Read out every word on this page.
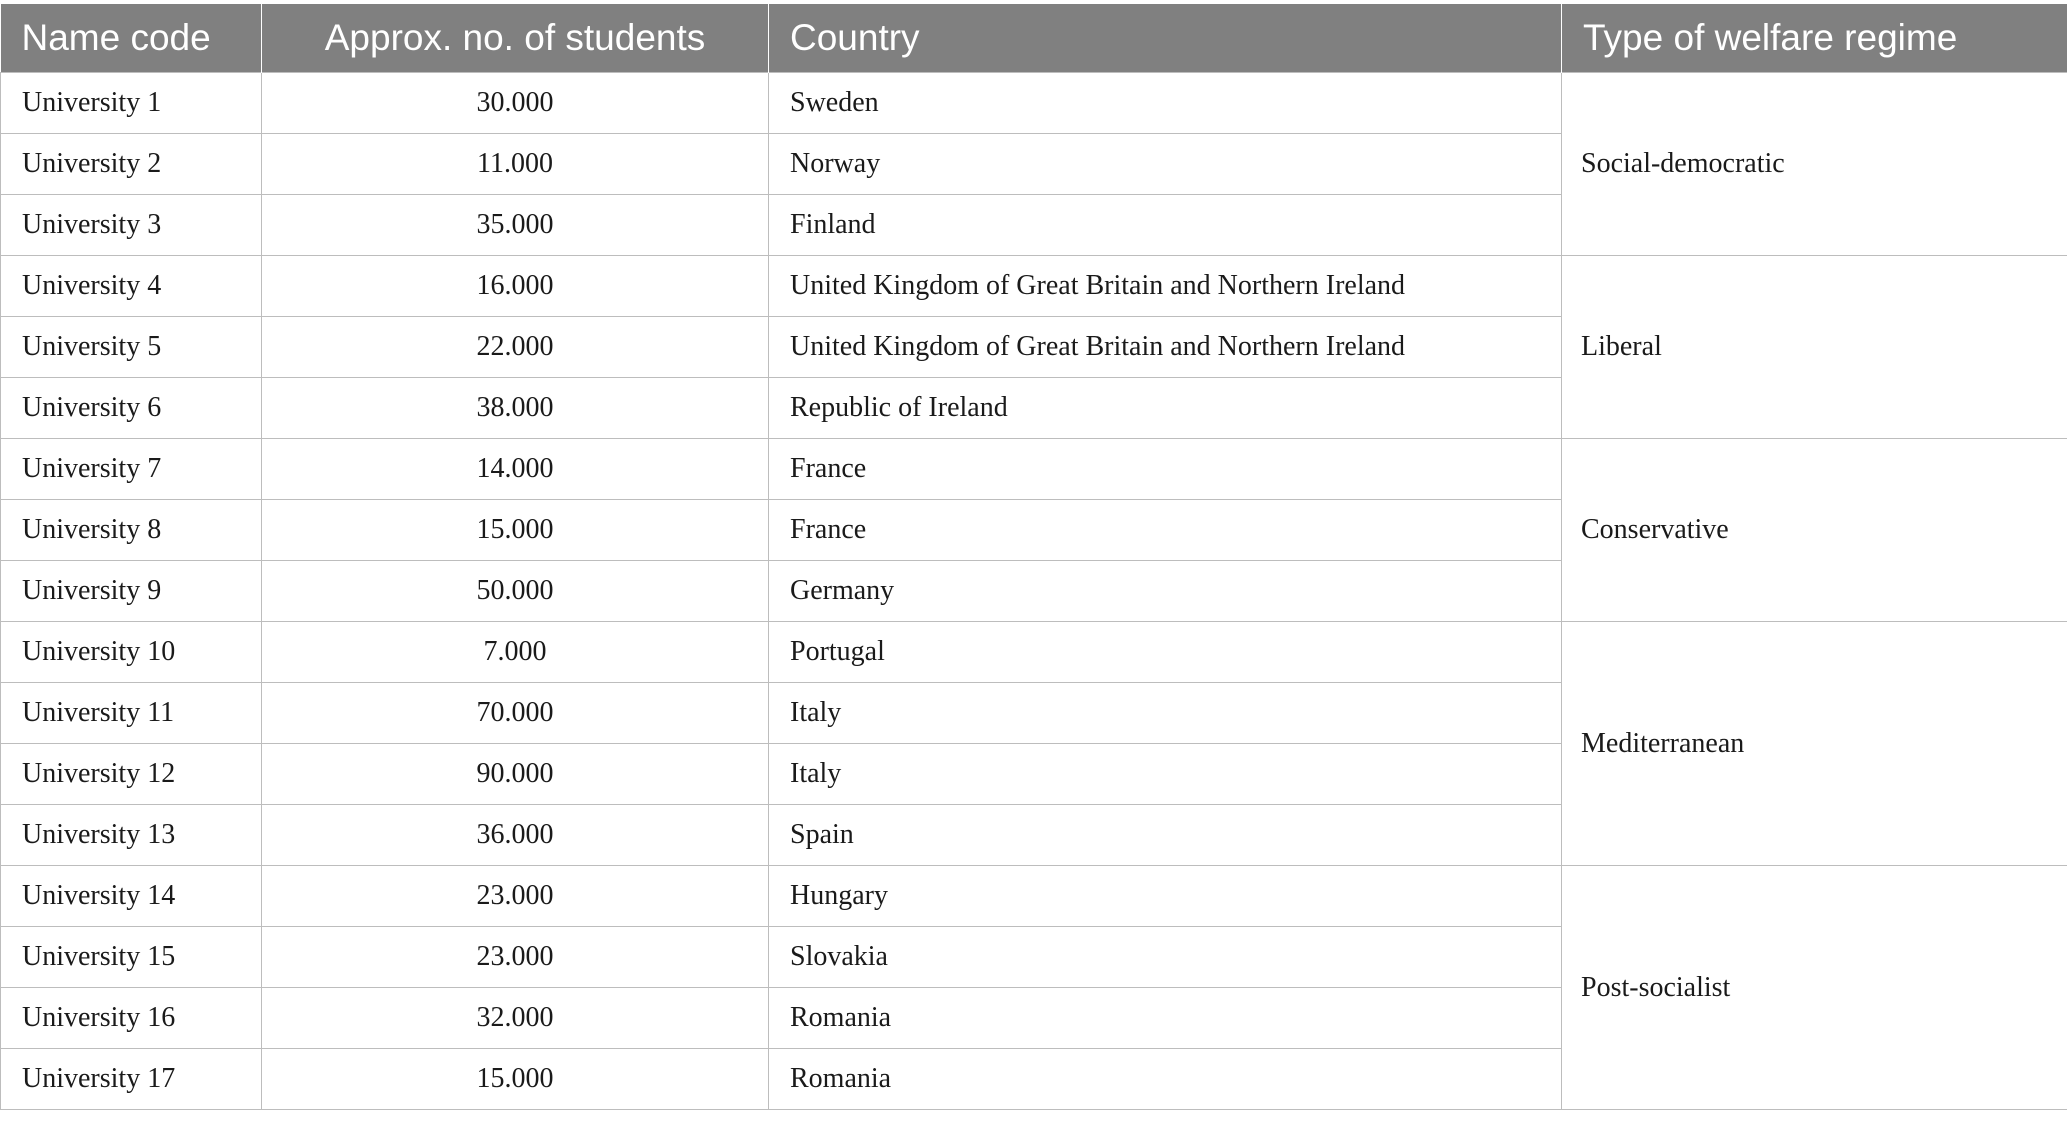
Name code	Approx. no. of students	Country	Type of welfare regime
University 1	30.000	Sweden	Social-democratic
University 2	11.000	Norway	
University 3	35.000	Finland	
University 4	16.000	United Kingdom of Great Britain and Northern Ireland	Liberal
University 5	22.000	United Kingdom of Great Britain and Northern Ireland	
University 6	38.000	Republic of Ireland	
University 7	14.000	France	Conservative
University 8	15.000	France	
University 9	50.000	Germany	
University 10	7.000	Portugal	Mediterranean
University 11	70.000	Italy	
University 12	90.000	Italy	
University 13	36.000	Spain	
University 14	23.000	Hungary	Post-socialist
University 15	23.000	Slovakia	
University 16	32.000	Romania	
University 17	15.000	Romania	
